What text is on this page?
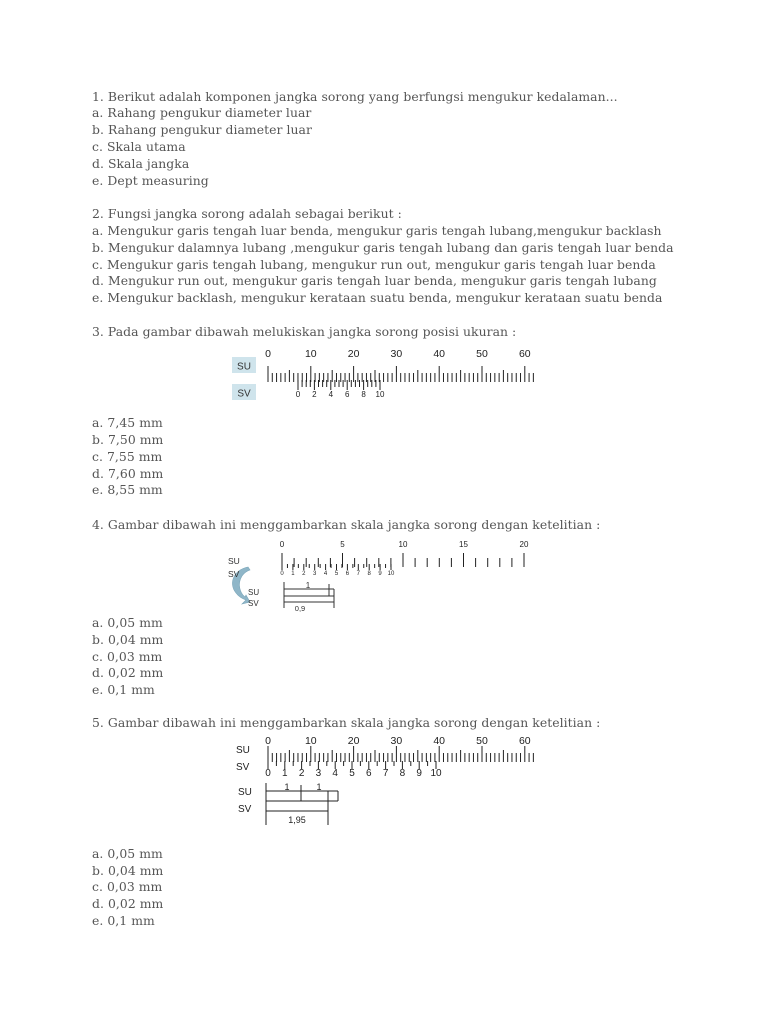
1. Berikut adalah komponen jangka sorong yang berfungsi mengukur kedalaman...
a. Rahang pengukur diameter luar
b. Rahang pengukur diameter luar
c. Skala utama
d. Skala jangka
e. Dept measuring
2. Fungsi jangka sorong adalah sebagai berikut :
a. Mengukur garis tengah luar benda, mengukur garis tengah lubang,mengukur backlash
b. Mengukur dalamnya lubang ,mengukur garis tengah lubang dan garis tengah luar benda
c. Mengukur garis tengah lubang, mengukur run out, mengukur garis tengah luar benda
d. Mengukur run out, mengukur garis tengah luar benda, mengukur garis tengah lubang
e. Mengukur backlash, mengukur kerataan suatu benda, mengukur kerataan suatu benda
3. Pada gambar dibawah melukiskan jangka sorong posisi ukuran :
SU
SV
0	10	20	30	40	50	60
0 2 4 6 8 10
a. 7,45 mm
b. 7,50 mm
c. 7,55 mm
d. 7,60 mm
e. 8,55 mm
4. Gambar dibawah ini menggambarkan skala jangka sorong dengan ketelitian :
SU
SV
0	5	10	15	20
0 1 2 3 4 5 6 7 8 9 10
SU
SV
1
0,9
a. 0,05 mm
b. 0,04 mm
c. 0,03 mm
d. 0,02 mm
e. 0,1 mm
5. Gambar dibawah ini menggambarkan skala jangka sorong dengan ketelitian :
SU
SV
0	10	20	30	40	50	60
0 1 2 3 4 5 6 7 8 9 10
SU
SV
1	1
1,95
a. 0,05 mm
b. 0,04 mm
c. 0,03 mm
d. 0,02 mm
e. 0,1 mm
